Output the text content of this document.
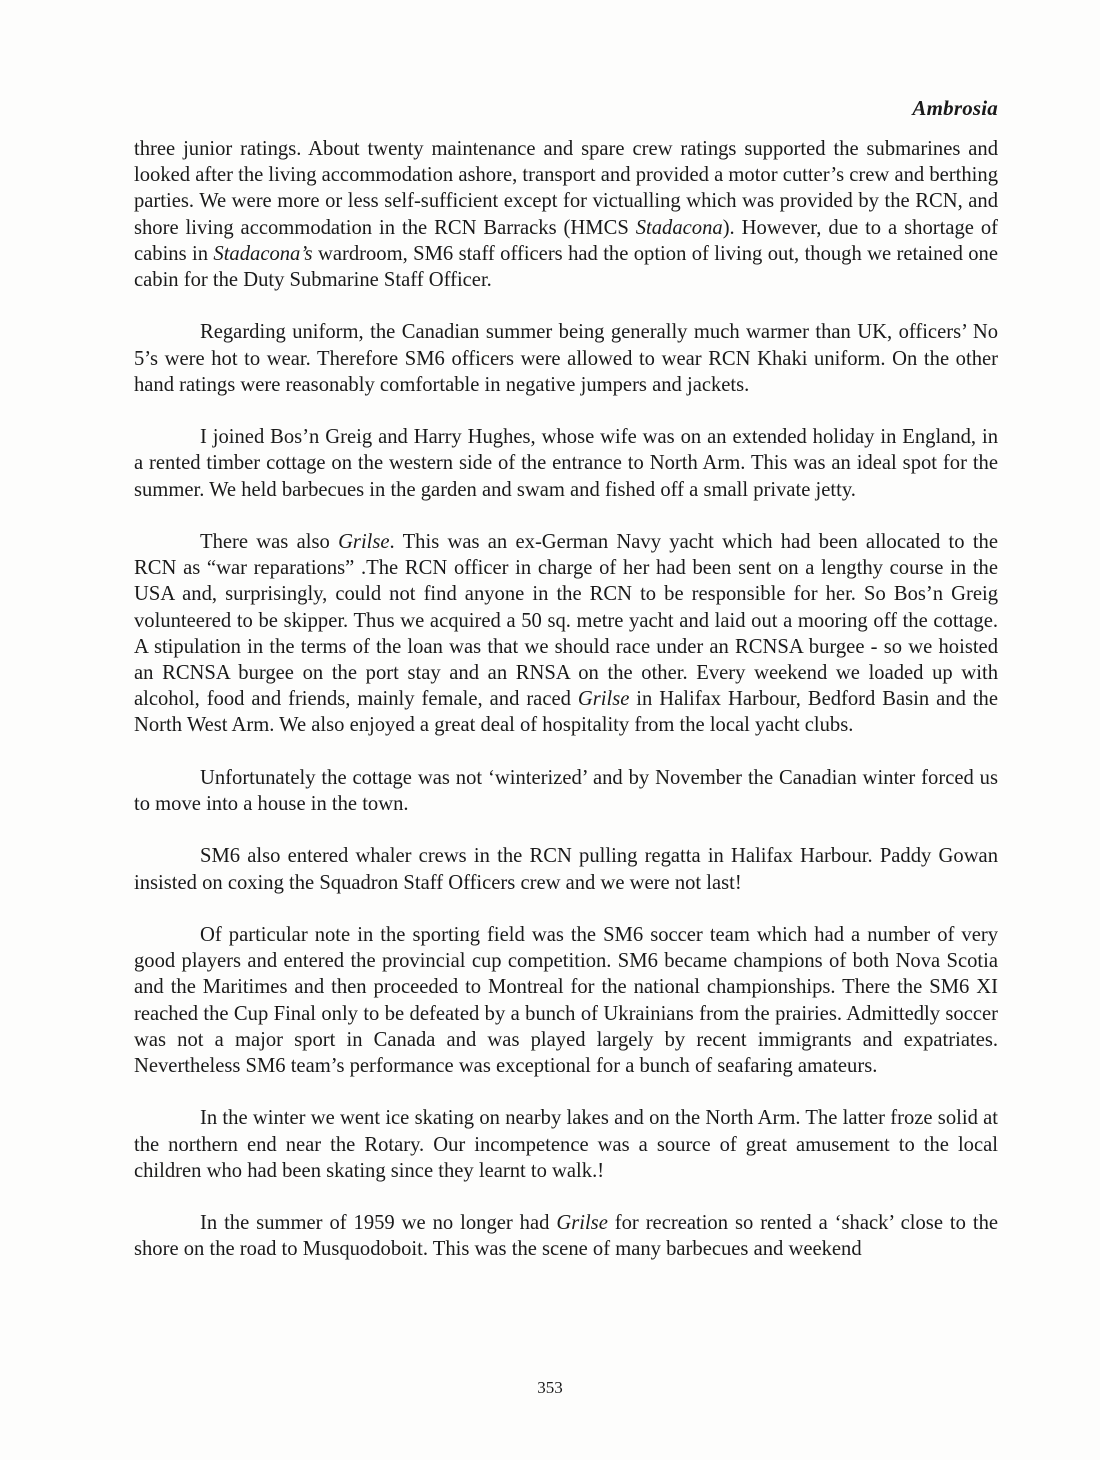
Ambrosia

three junior ratings. About twenty maintenance and spare crew ratings supported the submarines and looked after the living accommodation ashore, transport and provided a motor cutter’s crew and berthing parties. We were more or less self-sufficient except for victualling which was provided by the RCN, and shore living accommodation in the RCN Barracks (HMCS Stadacona). However, due to a shortage of cabins in Stadacona’s wardroom, SM6 staff officers had the option of living out, though we retained one cabin for the Duty Submarine Staff Officer.

Regarding uniform, the Canadian summer being generally much warmer than UK, officers’ No 5’s were hot to wear. Therefore SM6 officers were allowed to wear RCN Khaki uniform. On the other hand ratings were reasonably comfortable in negative jumpers and jackets.

I joined Bos’n Greig and Harry Hughes, whose wife was on an extended holiday in England, in a rented timber cottage on the western side of the entrance to North Arm. This was an ideal spot for the summer. We held barbecues in the garden and swam and fished off a small private jetty.

There was also Grilse. This was an ex-German Navy yacht which had been allocated to the RCN as “war reparations” .The RCN officer in charge of her had been sent on a lengthy course in the USA and, surprisingly, could not find anyone in the RCN to be responsible for her. So Bos’n Greig volunteered to be skipper. Thus we acquired a 50 sq. metre yacht and laid out a mooring off the cottage. A stipulation in the terms of the loan was that we should race under an RCNSA burgee - so we hoisted an RCNSA burgee on the port stay and an RNSA on the other. Every weekend we loaded up with alcohol, food and friends, mainly female, and raced Grilse in Halifax Harbour, Bedford Basin and the North West Arm. We also enjoyed a great deal of hospitality from the local yacht clubs.

Unfortunately the cottage was not ‘winterized’ and by November the Canadian winter forced us to move into a house in the town.

SM6 also entered whaler crews in the RCN pulling regatta in Halifax Harbour. Paddy Gowan insisted on coxing the Squadron Staff Officers crew and we were not last!

Of particular note in the sporting field was the SM6 soccer team which had a number of very good players and entered the provincial cup competition. SM6 became champions of both Nova Scotia and the Maritimes and then proceeded to Montreal for the national championships. There the SM6 XI reached the Cup Final only to be defeated by a bunch of Ukrainians from the prairies. Admittedly soccer was not a major sport in Canada and was played largely by recent immigrants and expatriates. Nevertheless SM6 team’s performance was exceptional for a bunch of seafaring amateurs.

In the winter we went ice skating on nearby lakes and on the North Arm. The latter froze solid at the northern end near the Rotary. Our incompetence was a source of great amusement to the local children who had been skating since they learnt to walk.!

In the summer of 1959 we no longer had Grilse for recreation so rented a ‘shack’ close to the shore on the road to Musquodoboit. This was the scene of many barbecues and weekend

353
